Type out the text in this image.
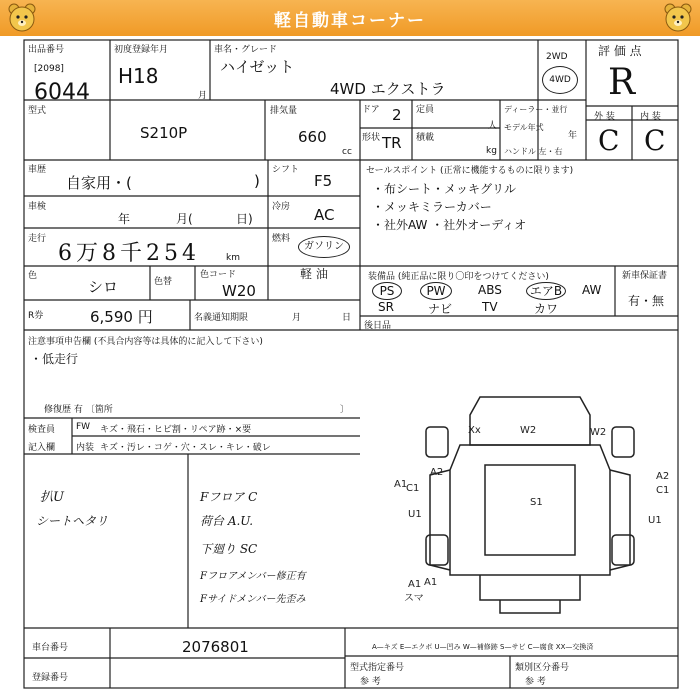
軽自動車コーナー
出品番号
[2098]
6044
初度登録年月
H18
月
車名・グレード
ハイゼット
4WD エクストラ
2WD
4WD
評 価 点
R
外 装	内 装
C C
型式
S210P
排気量
660
cc
ドア 2
形状 TR
定員
人
積載
kg
ディーラー・並行
モデル年式
年
ハンドル 左・右
車歴
自家用・(	)
車検
年	月(	日)
走行
6万8千254	km
シフト
F5
冷房 AC
燃料
ガソリン
軽 油
色
シロ	色替
色コード
W20
R券	6,590 円	名義通知期限	月	日
セールスポイント (正常に機能するものに限ります)
・布シート・メッキグリル
・メッキミラーカバー
・社外AW ・社外オーディオ
装備品 (純正品に限り〇印をつけてください)
PS	PW	ABS	エアB	AW
SR	ナビ TV	カワ
新車保証書
有・無
後日品
注意事項申告欄 (不具合内容等は具体的に記入して下さい)
・低走行
修復歴 有 〔箇所	〕
検査員
記入欄
FW キズ・飛石・ヒビ割・リペア跡・×要
内装 キズ・汚レ・コゲ・穴・スレ・キレ・破レ
扒U
シートヘタリ
Fフロア C
荷台 A.U.
下廻り SC
Fフロアメンバー修正有
Fサイドメンバー先歪み
W2	W2
A2	A2
C1
C1
A1
U1
U1
S1
A1 A1
スマ
Xx
車台番号	2076801
登録番号
A—キズ E—エクボ U—凹み W—補修跡 S—サビ C—腐食 XX—交換済
型式指定番号
参 考
類別区分番号
参 考
